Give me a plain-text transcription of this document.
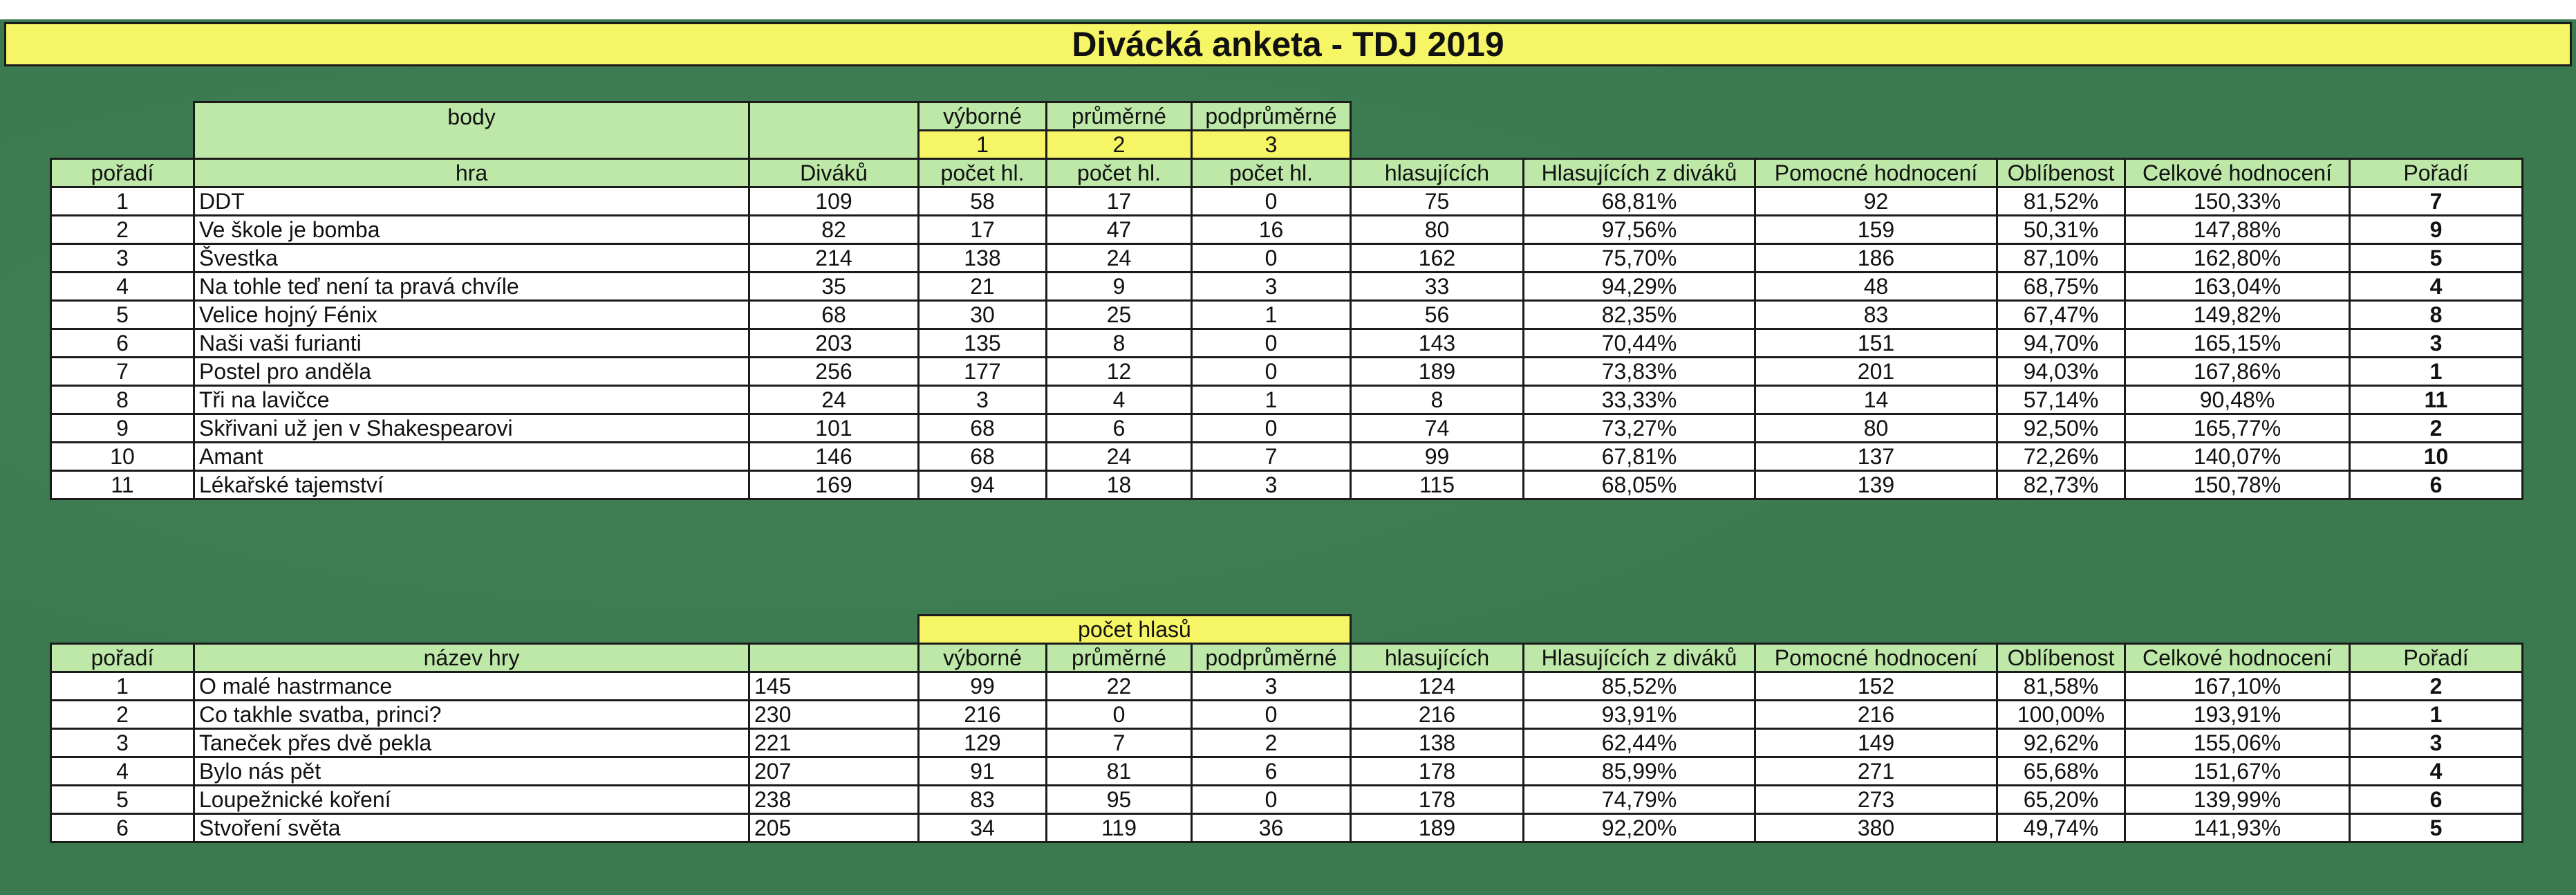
Divácká anketa - TDJ 2019
	body		výborné	průměrné	podprůměrné						
			1	2	3						
pořadí	hra	Diváků	počet hl.	počet hl.	počet hl.	hlasujících	Hlasujících z diváků	Pomocné hodnocení	Oblíbenost	Celkové hodnocení	Pořadí
1	DDT	109	58	17	0	75	68,81%	92	81,52%	150,33%	7
2	Ve škole je bomba	82	17	47	16	80	97,56%	159	50,31%	147,88%	9
3	Švestka	214	138	24	0	162	75,70%	186	87,10%	162,80%	5
4	Na tohle teď není ta pravá chvíle	35	21	9	3	33	94,29%	48	68,75%	163,04%	4
5	Velice hojný Fénix	68	30	25	1	56	82,35%	83	67,47%	149,82%	8
6	Naši vaši furianti	203	135	8	0	143	70,44%	151	94,70%	165,15%	3
7	Postel pro anděla	256	177	12	0	189	73,83%	201	94,03%	167,86%	1
8	Tři na lavičce	24	3	4	1	8	33,33%	14	57,14%	90,48%	11
9	Skřivani už jen v Shakespearovi	101	68	6	0	74	73,27%	80	92,50%	165,77%	2
10	Amant	146	68	24	7	99	67,81%	137	72,26%	140,07%	10
11	Lékařské tajemství	169	94	18	3	115	68,05%	139	82,73%	150,78%	6
			počet hlasů								
pořadí	název hry		výborné	průměrné	podprůměrné	hlasujících	Hlasujících z diváků	Pomocné hodnocení	Oblíbenost	Celkové hodnocení	Pořadí
1	O malé hastrmance	145	99	22	3	124	85,52%	152	81,58%	167,10%	2
2	Co takhle svatba, princi?	230	216	0	0	216	93,91%	216	100,00%	193,91%	1
3	Taneček přes dvě pekla	221	129	7	2	138	62,44%	149	92,62%	155,06%	3
4	Bylo nás pět	207	91	81	6	178	85,99%	271	65,68%	151,67%	4
5	Loupežnické koření	238	83	95	0	178	74,79%	273	65,20%	139,99%	6
6	Stvoření světa	205	34	119	36	189	92,20%	380	49,74%	141,93%	5
